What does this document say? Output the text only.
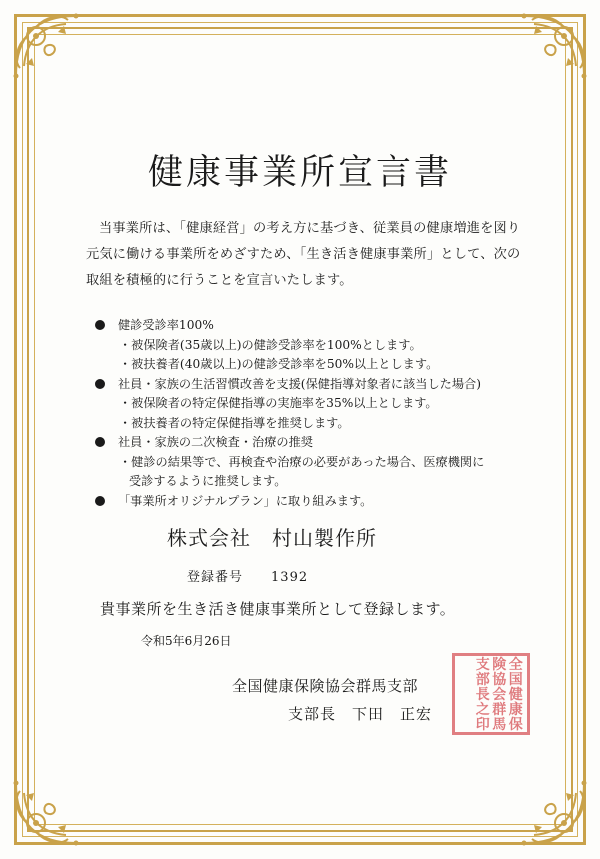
健康事業所宣言書
当事業所は、「健康経営」の考え方に基づき、従業員の健康増進を図り元気に働ける事業所をめざすため、「生き活き健康事業所」として、次の取組を積極的に行うことを宣言いたします。
健診受診率100%
・被保険者(35歳以上)の健診受診率を100%とします。
・被扶養者(40歳以上)の健診受診率を50%以上とします。
社員・家族の生活習慣改善を支援(保健指導対象者に該当した場合)
・被保険者の特定保健指導の実施率を35%以上とします。
・被扶養者の特定保健指導を推奨します。
社員・家族の二次検査・治療の推奨
・健診の結果等で、再検査や治療の必要があった場合、医療機関に
受診するように推奨します。
「事業所オリジナルプラン」に取り組みます。
株式会社　村山製作所
登録番号　　 1392
貴事業所を生き活き健康事業所として登録します。
令和5年6月26日
支 険 全
部 協 国
長 会 健
之 群 康
印 馬 保
全国健康保険協会群馬支部
支部長　 下田　正宏
